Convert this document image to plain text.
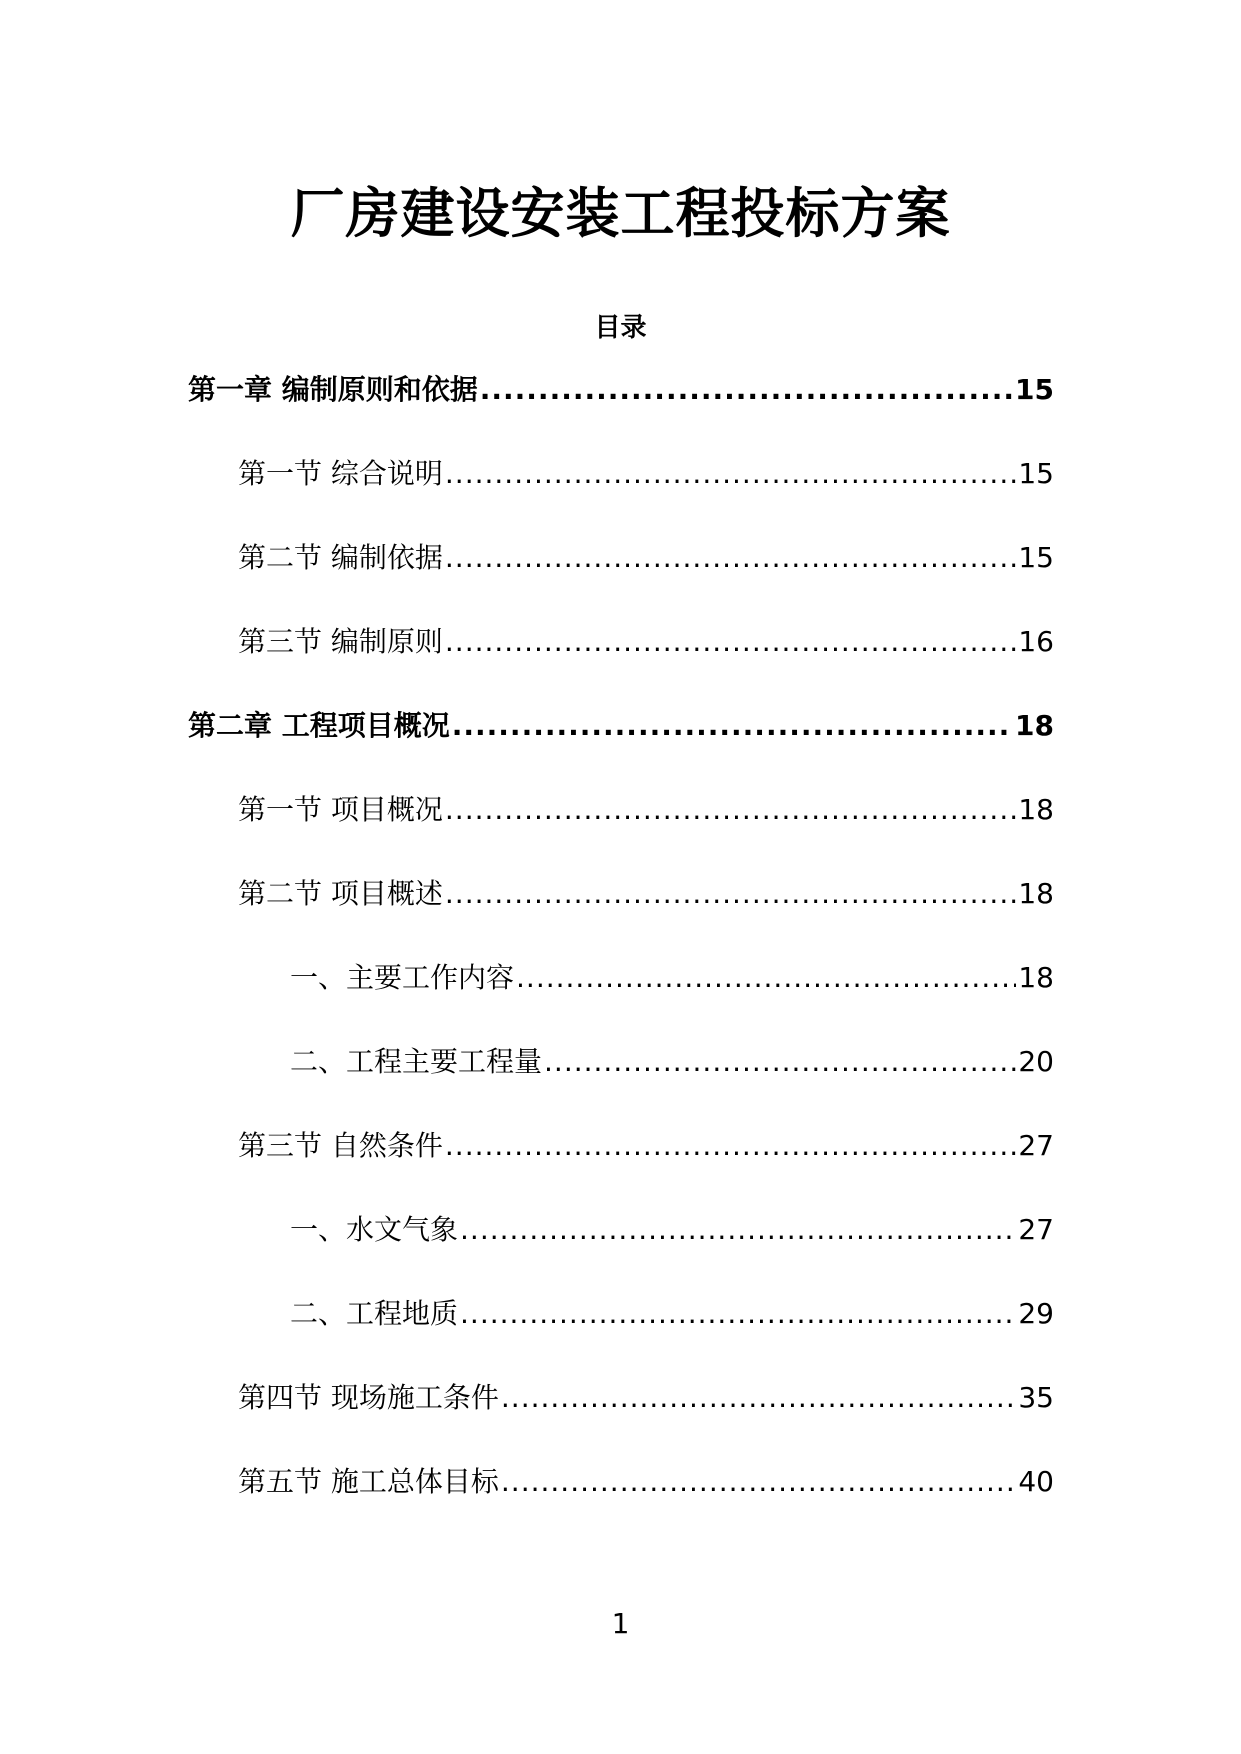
厂房建设安装工程投标方案
目录
第一章 编制原则和依据 .....	15
第一节 综合说明 .....	15
第二节 编制依据 .....	15
第三节 编制原则 .....	16
第二章 工程项目概况 .....	18
第一节 项目概况 .....	18
第二节 项目概述 .....	18
一、主要工作内容 .....	18
二、工程主要工程量 .....	20
第三节 自然条件 .....	27
一、水文气象 .....	27
二、工程地质 .....	29
第四节 现场施工条件 .....	35
第五节 施工总体目标 .....	40
1
